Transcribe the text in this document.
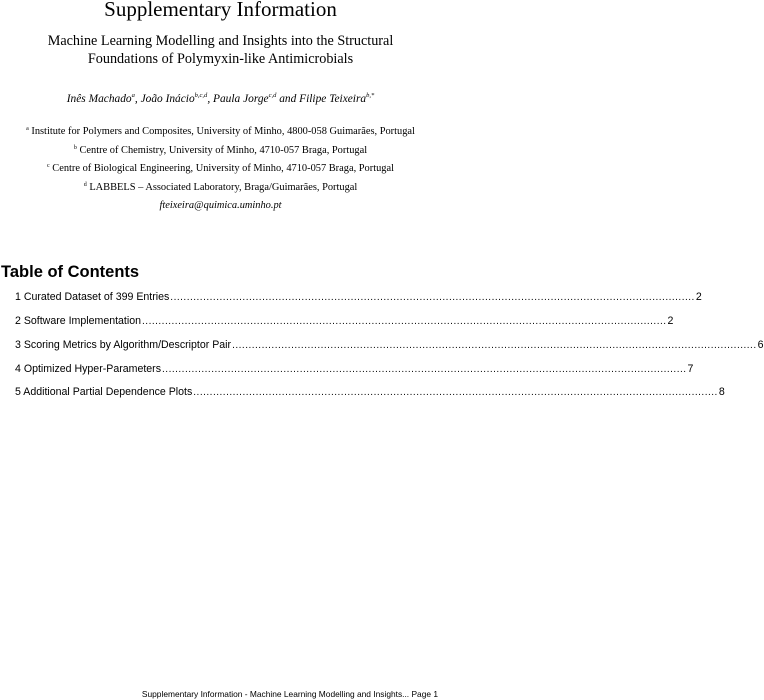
Supplementary Information
Machine Learning Modelling and Insights into the Structural
Foundations of Polymyxin-like Antimicrobials
Inês Machado$^a$, João Inácio$^{b,c,d}$, Paula Jorge$^{c,d}$ and Filipe Teixeira$^{b,*}$
$^a$ Institute for Polymers and Composites, University of Minho, 4800-058 Guimarães, Portugal
$^b$ Centre of Chemistry, University of Minho, 4710-057 Braga, Portugal
$^c$ Centre of Biological Engineering, University of Minho, 4710-057 Braga, Portugal
$^d$ LABBELS – Associated Laboratory, Braga/Guimarães, Portugal
fteixeira@quimica.uminho.pt
Table of Contents
1 Curated Dataset of 399 Entries ................................................................................................................................................................ 2
2 Software Implementation ................................................................................................................................................................ 2
3 Scoring Metrics by Algorithm/Descriptor Pair ................................................................................................................................................................ 6
4 Optimized Hyper-Parameters ................................................................................................................................................................ 7
5 Additional Partial Dependence Plots ................................................................................................................................................................ 8
Supplementary Information - Machine Learning Modelling and Insights... Page 1
